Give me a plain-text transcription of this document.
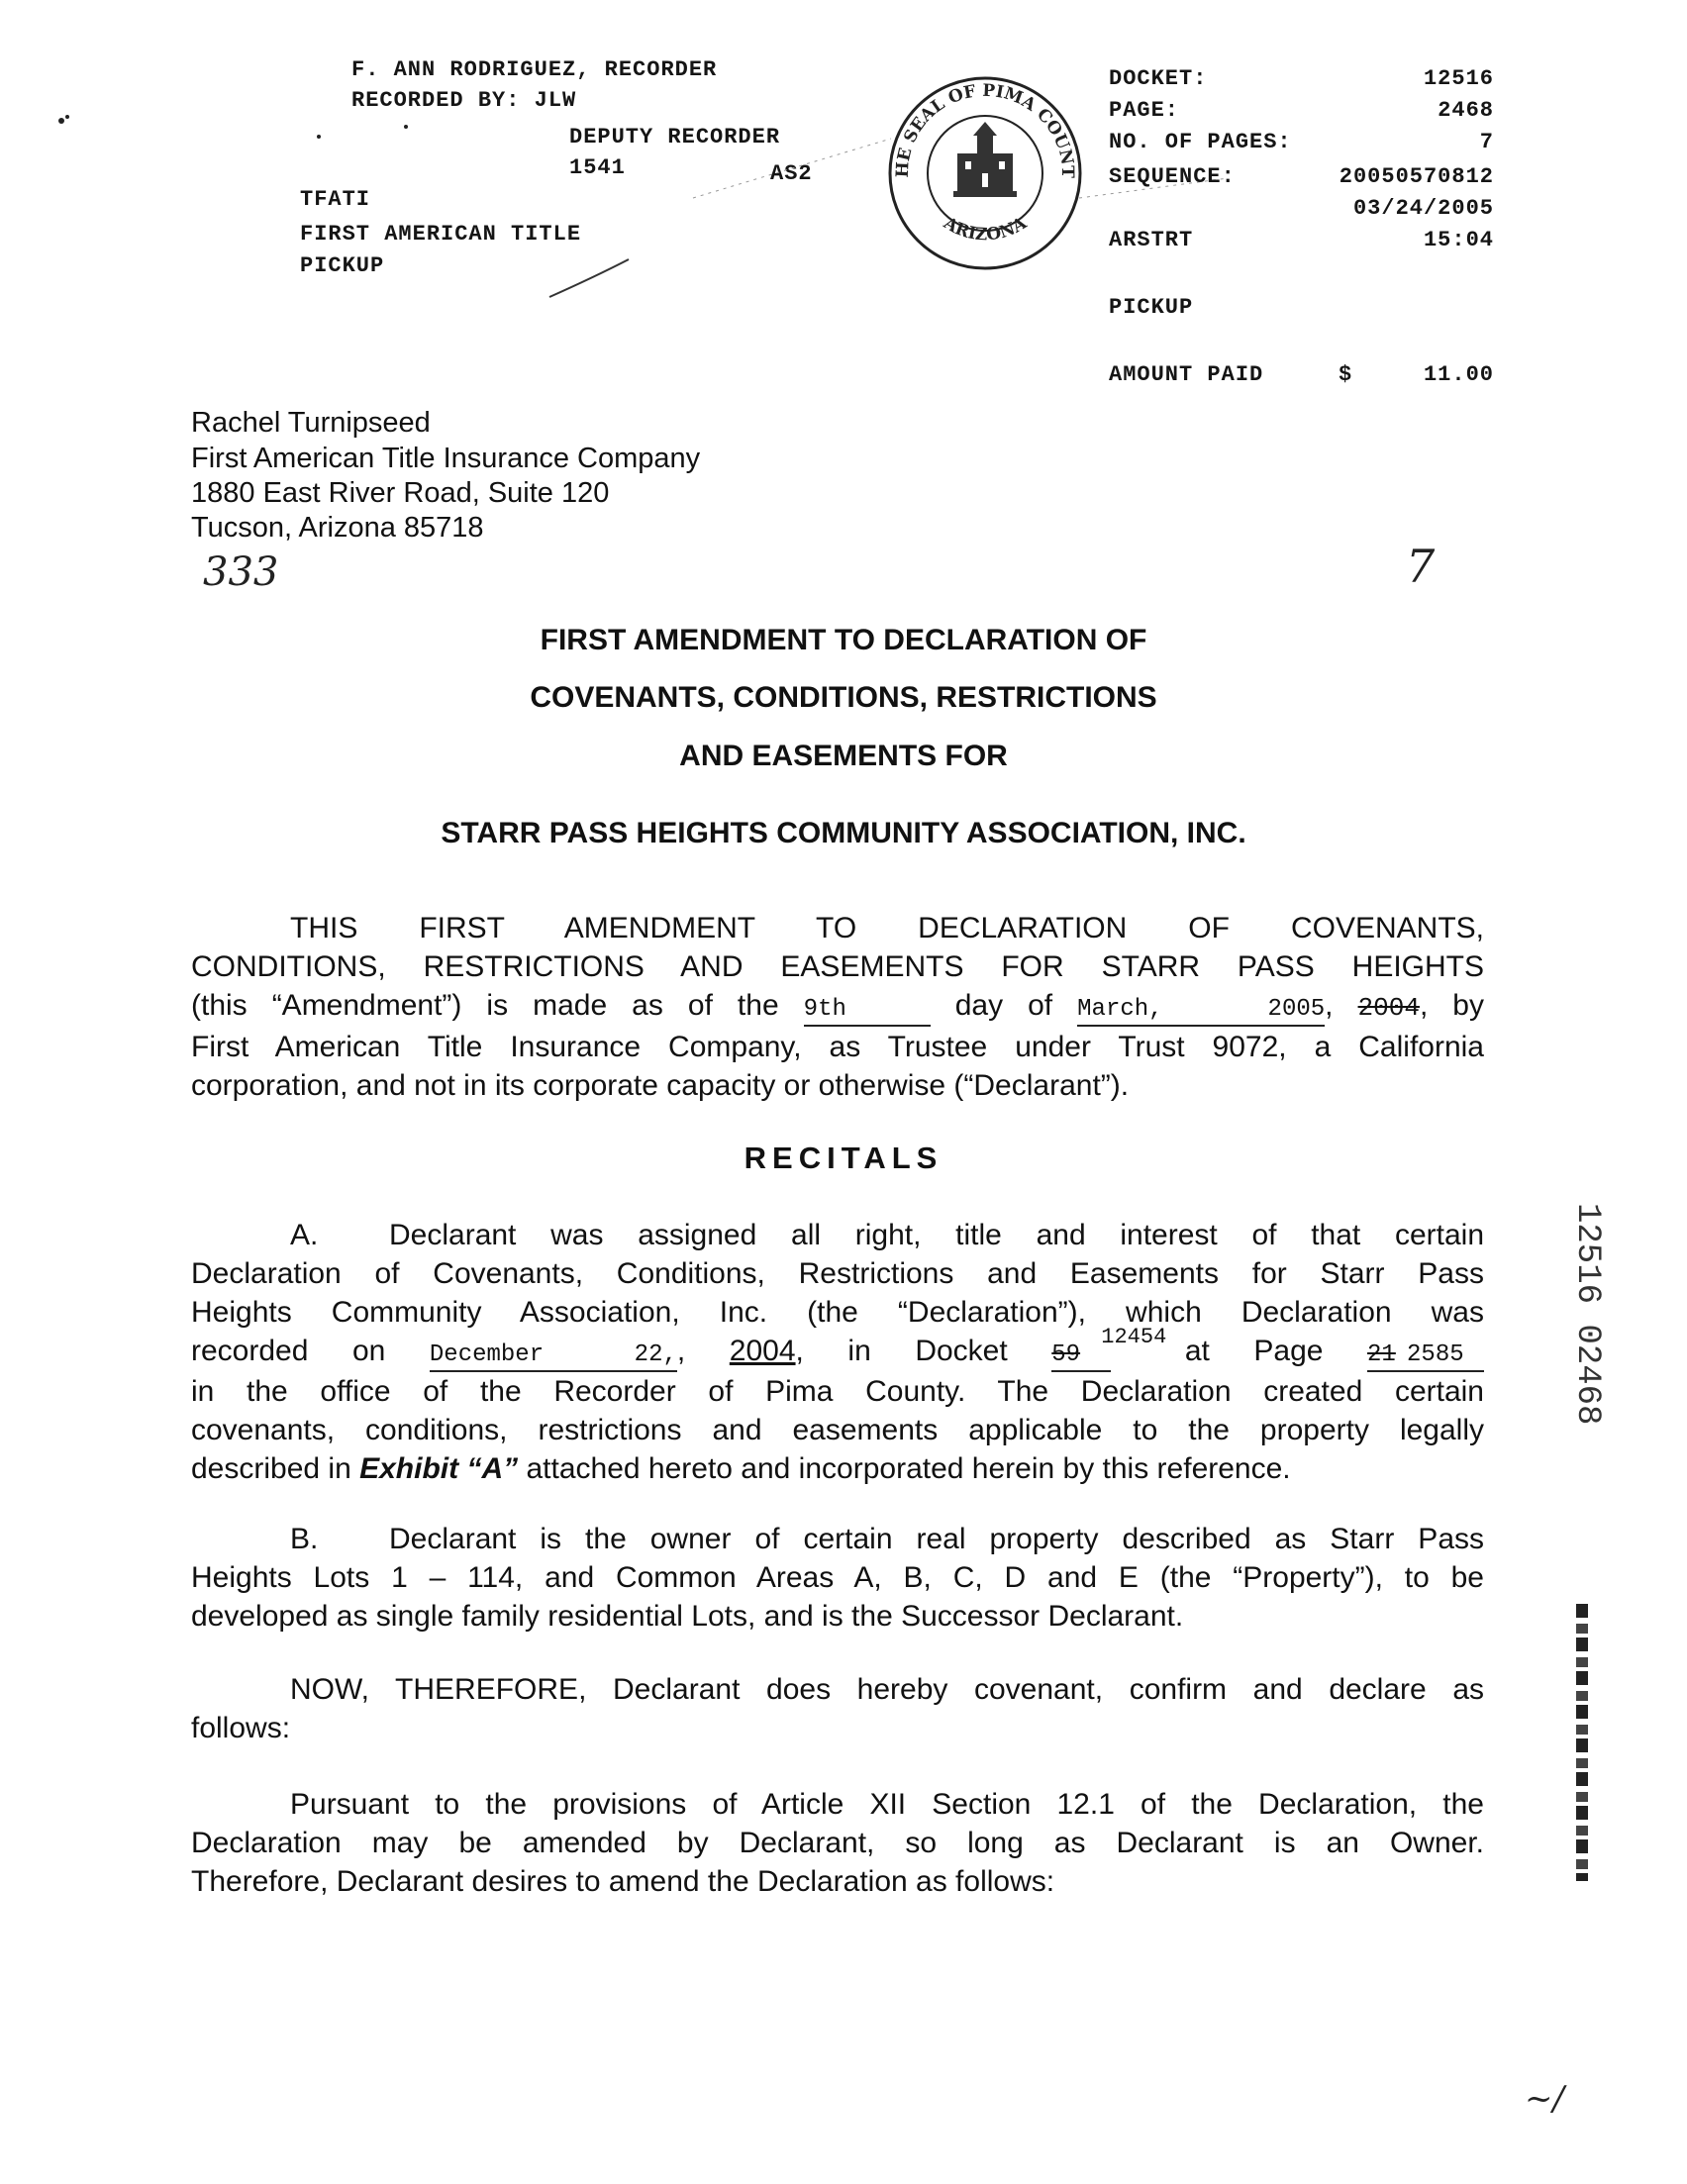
F. ANN RODRIGUEZ, RECORDER
RECORDED BY: JLW
DEPUTY RECORDER
1541	AS2
TFATI
FIRST AMERICAN TITLE
PICKUP
HE SEAL OF PIMA COUNT
ARIZONA
DOCKET:	12516
PAGE:	2468
NO. OF PAGES:	7
SEQUENCE:	20050570812
03/24/2005
ARSTRT	15:04
PICKUP
AMOUNT PAID	$	11.00
Rachel Turnipseed
First American Title Insurance Company
1880 East River Road, Suite 120
Tucson, Arizona 85718
333	7
FIRST AMENDMENT TO DECLARATION OF
COVENANTS, CONDITIONS, RESTRICTIONS
AND EASEMENTS FOR
STARR PASS HEIGHTS COMMUNITY ASSOCIATION, INC.
THIS FIRST AMENDMENT TO DECLARATION OF COVENANTS,
CONDITIONS, RESTRICTIONS AND EASEMENTS FOR STARR PASS HEIGHTS
(this “Amendment”) is made as of the 9th	day of March, 2005, 2004, by
First American Title Insurance Company, as Trustee under Trust 9072, a California
corporation, and not in its corporate capacity or otherwise (“Declarant”).
RECITALS
A. Declarant was assigned all right, title and interest of that certain
Declaration of Covenants, Conditions, Restrictions and Easements for Starr Pass
Heights Community Association, Inc. (the “Declaration”), which Declaration was
recorded on December 22,, 2004, in Docket 59
12454 at Page 21 2585
in the office of the Recorder of Pima County. The Declaration created certain
covenants, conditions, restrictions and easements applicable to the property legally
described in Exhibit “A” attached hereto and incorporated herein by this reference.
B. Declarant is the owner of certain real property described as Starr Pass
Heights Lots 1 – 114, and Common Areas A, B, C, D and E (the “Property”), to be
developed as single family residential Lots, and is the Successor Declarant.
NOW, THEREFORE, Declarant does hereby covenant, confirm and declare as
follows:
Pursuant to the provisions of Article XII Section 12.1 of the Declaration, the
Declaration may be amended by Declarant, so long as Declarant is an Owner.
Therefore, Declarant desires to amend the Declaration as follows:
12516 02468
~/
